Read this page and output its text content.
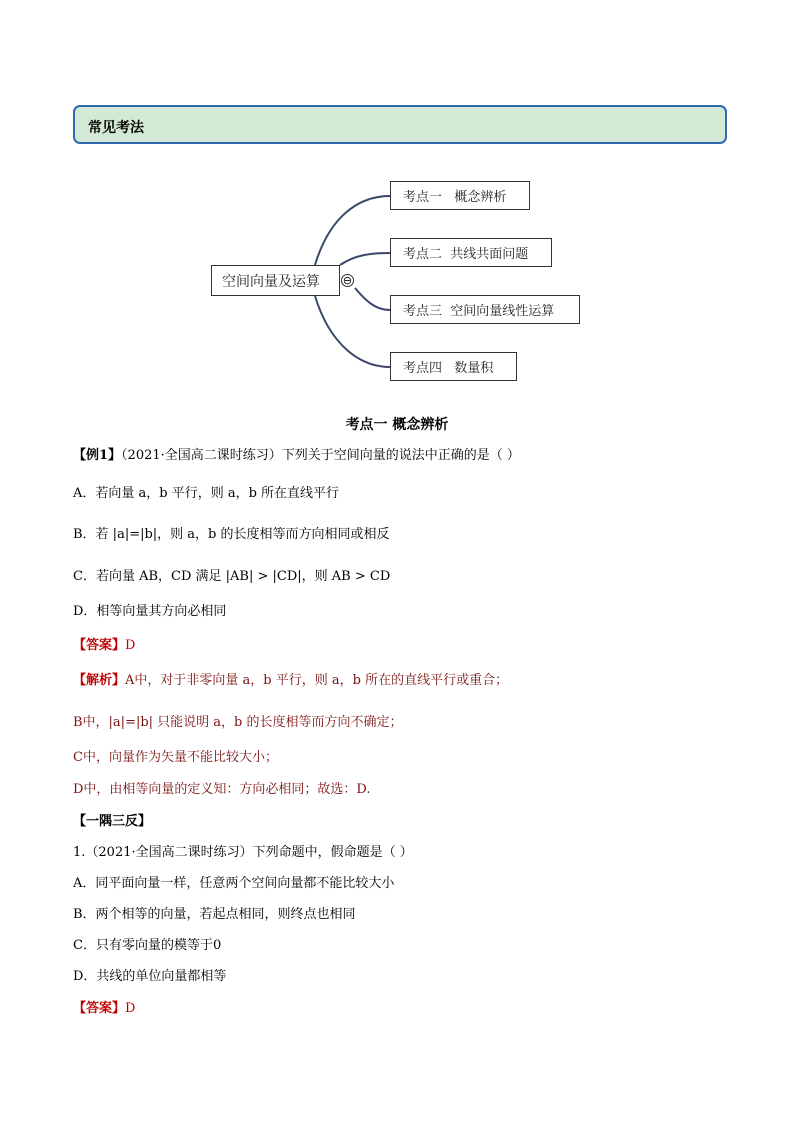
常见考法
空间向量及运算	⊖
考点一   概念辨析
考点二  共线共面问题
考点三  空间向量线性运算
考点四   数量积
考点一 概念辨析
【例1】（2021·全国高二课时练习）下列关于空间向量的说法中正确的是（ ）
A．若向量 a，b 平行，则 a，b 所在直线平行
B．若 |a|=|b|，则 a，b 的长度相等而方向相同或相反
C．若向量 AB，CD 满足 |AB| > |CD|，则 AB > CD
D．相等向量其方向必相同
【答案】D
【解析】A中，对于非零向量 a，b 平行，则 a，b 所在的直线平行或重合；
B中，|a|=|b| 只能说明 a，b 的长度相等而方向不确定；
C中，向量作为矢量不能比较大小；
D中，由相等向量的定义知：方向必相同；故选：D.
【一隅三反】
1.（2021·全国高二课时练习）下列命题中，假命题是（ ）
A．同平面向量一样，任意两个空间向量都不能比较大小
B．两个相等的向量，若起点相同，则终点也相同
C．只有零向量的模等于0
D．共线的单位向量都相等
【答案】D
